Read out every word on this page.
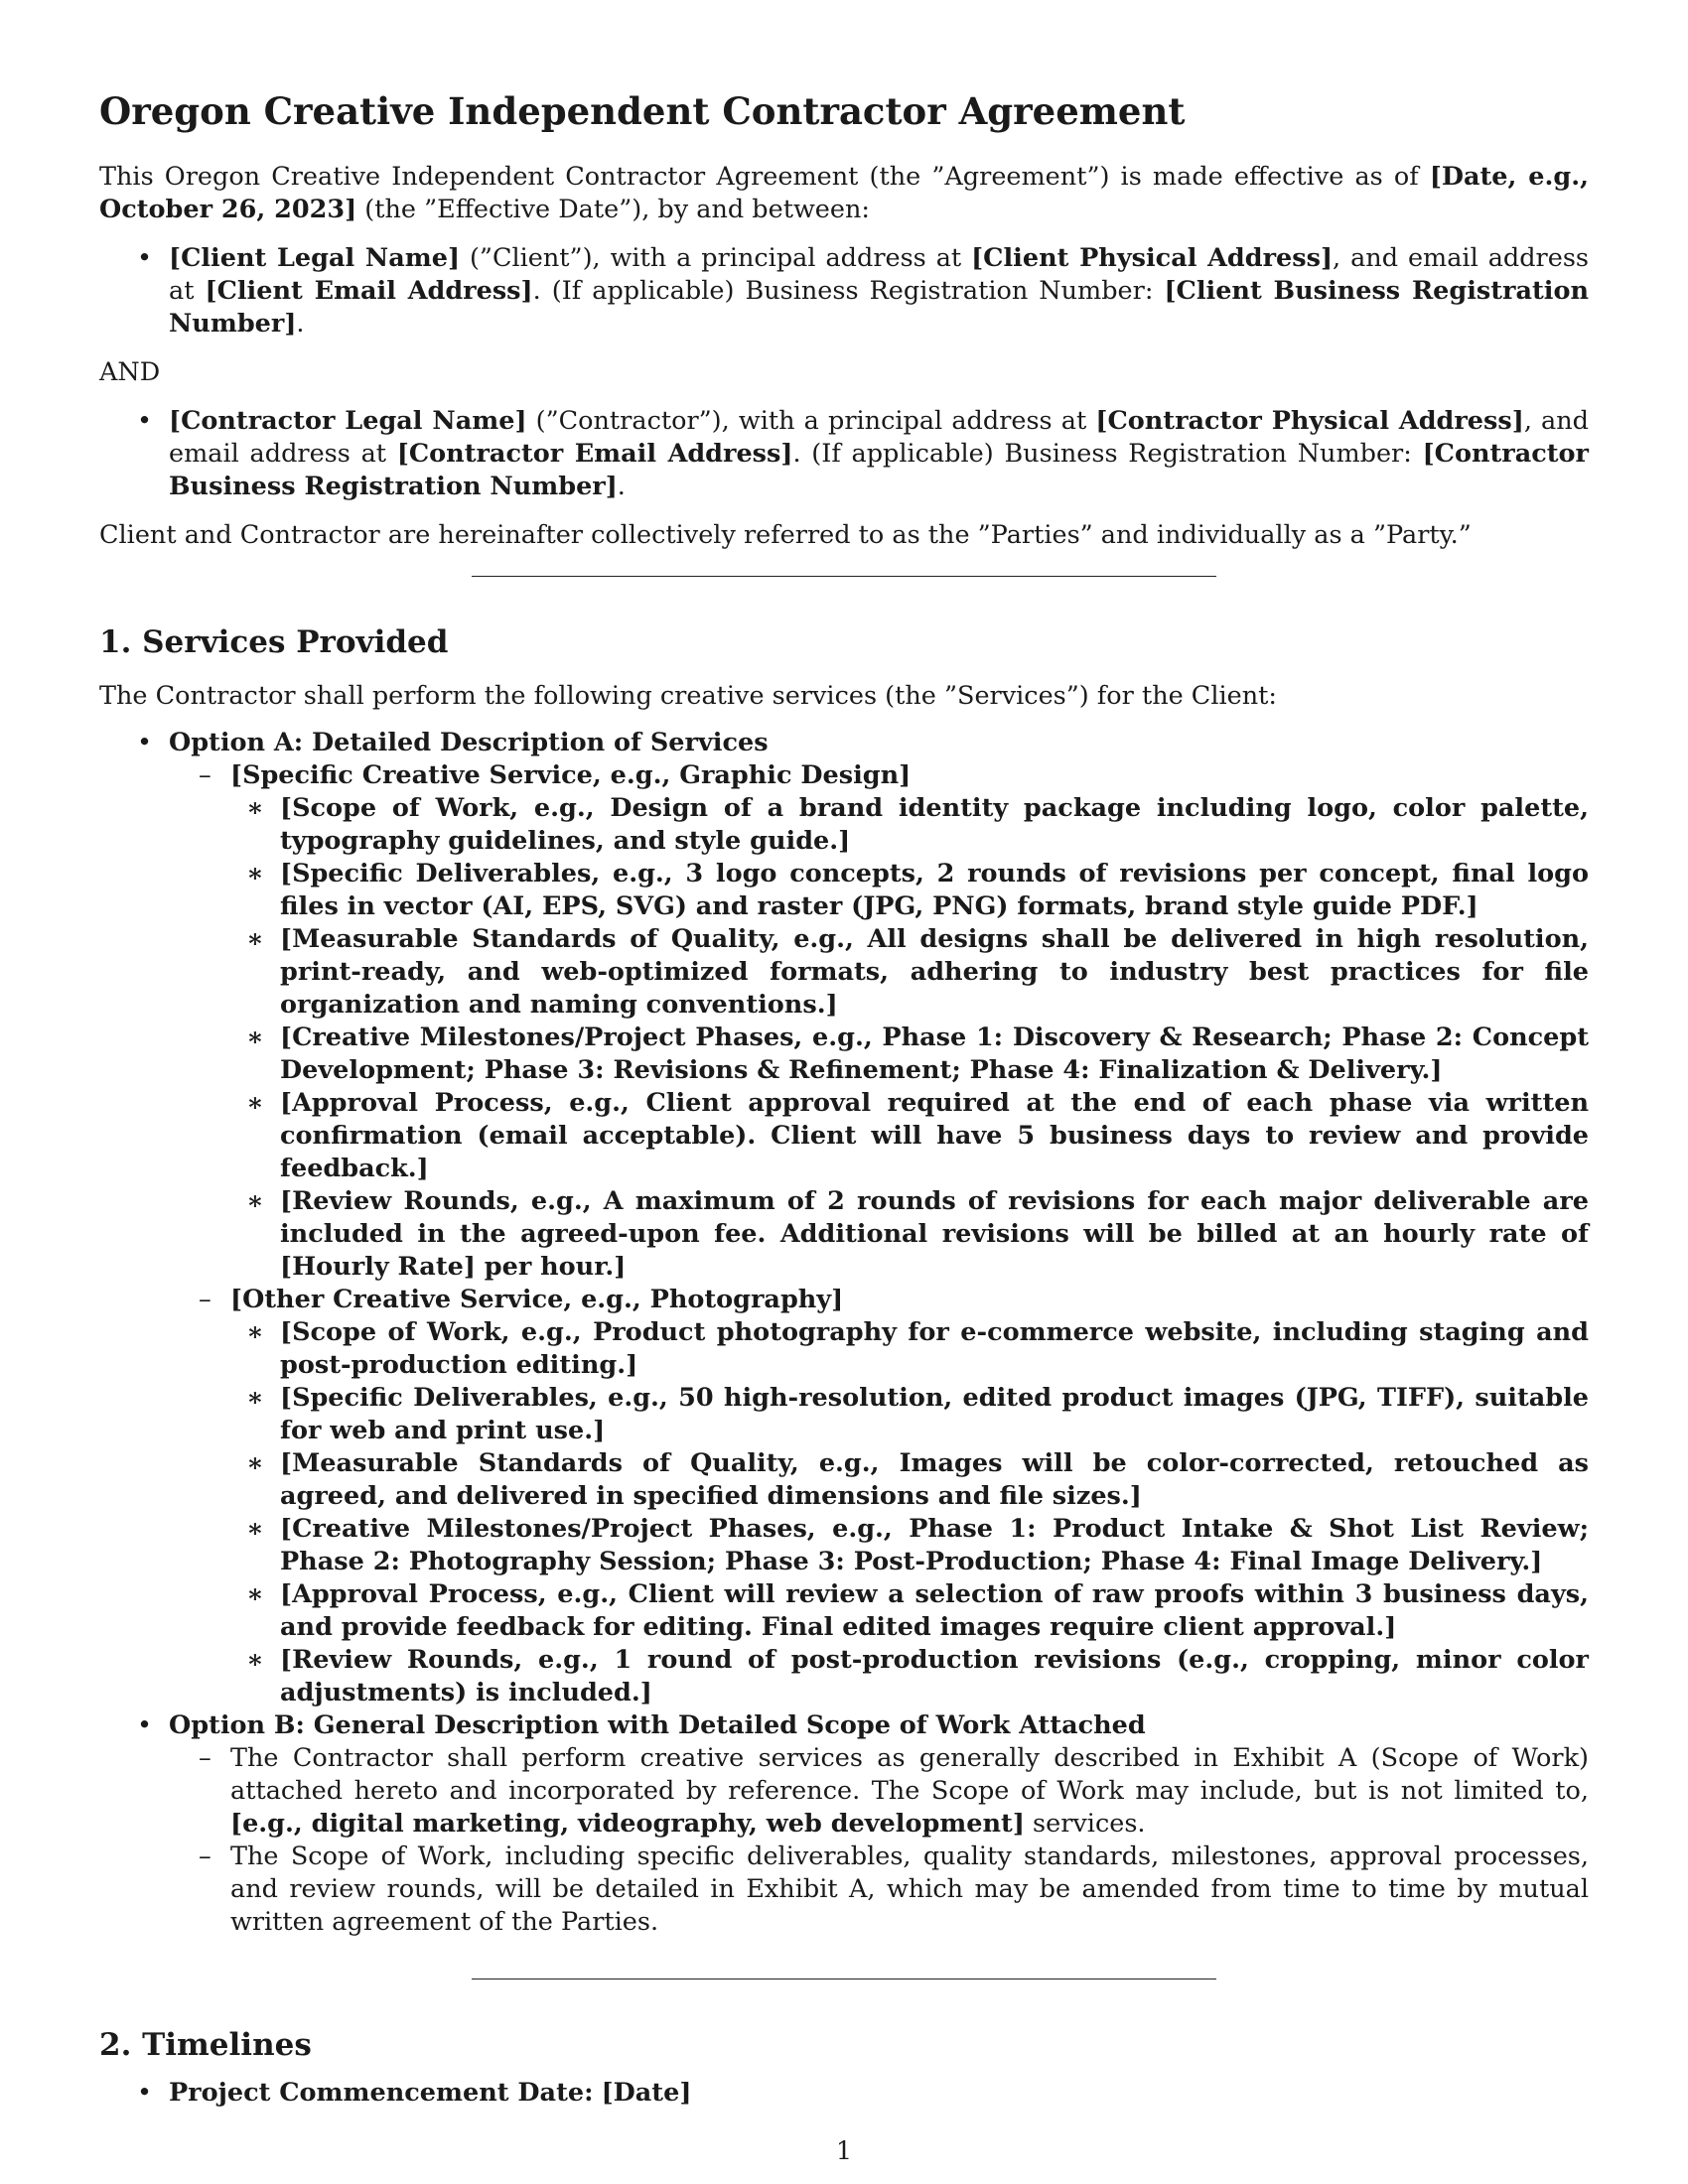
Oregon Creative Independent Contractor Agreement

This Oregon Creative Independent Contractor Agreement (the ”Agreement”) is made effective as of [Date, e.g., October 26, 2023] (the ”Effective Date”), by and between:

• [Client Legal Name] (”Client”), with a principal address at [Client Physical Address], and email address at [Client Email Address]. (If applicable) Business Registration Number: [Client Business Registration Number].

AND

• [Contractor Legal Name] (”Contractor”), with a principal address at [Contractor Physical Address], and email address at [Contractor Email Address]. (If applicable) Business Registration Number: [Contractor Business Registration Number].

Client and Contractor are hereinafter collectively referred to as the ”Parties” and individually as a ”Party.”

1. Services Provided

The Contractor shall perform the following creative services (the ”Services”) for the Client:

• Option A: Detailed Description of Services
– [Specific Creative Service, e.g., Graphic Design]
∗ [Scope of Work, e.g., Design of a brand identity package including logo, color palette, typography guidelines, and style guide.]
∗ [Specific Deliverables, e.g., 3 logo concepts, 2 rounds of revisions per concept, final logo files in vector (AI, EPS, SVG) and raster (JPG, PNG) formats, brand style guide PDF.]
∗ [Measurable Standards of Quality, e.g., All designs shall be delivered in high resolution, print-ready, and web-optimized formats, adhering to industry best practices for file organization and naming conventions.]
∗ [Creative Milestones/Project Phases, e.g., Phase 1: Discovery & Research; Phase 2: Concept Development; Phase 3: Revisions & Refinement; Phase 4: Finalization & Delivery.]
∗ [Approval Process, e.g., Client approval required at the end of each phase via written confirmation (email acceptable). Client will have 5 business days to review and provide feedback.]
∗ [Review Rounds, e.g., A maximum of 2 rounds of revisions for each major deliverable are included in the agreed-upon fee. Additional revisions will be billed at an hourly rate of [Hourly Rate] per hour.]
– [Other Creative Service, e.g., Photography]
∗ [Scope of Work, e.g., Product photography for e-commerce website, including staging and post-production editing.]
∗ [Specific Deliverables, e.g., 50 high-resolution, edited product images (JPG, TIFF), suitable for web and print use.]
∗ [Measurable Standards of Quality, e.g., Images will be color-corrected, retouched as agreed, and delivered in specified dimensions and file sizes.]
∗ [Creative Milestones/Project Phases, e.g., Phase 1: Product Intake & Shot List Review; Phase 2: Photography Session; Phase 3: Post-Production; Phase 4: Final Image Delivery.]
∗ [Approval Process, e.g., Client will review a selection of raw proofs within 3 business days, and provide feedback for editing. Final edited images require client approval.]
∗ [Review Rounds, e.g., 1 round of post-production revisions (e.g., cropping, minor color adjustments) is included.]
• Option B: General Description with Detailed Scope of Work Attached
– The Contractor shall perform creative services as generally described in Exhibit A (Scope of Work) attached hereto and incorporated by reference. The Scope of Work may include, but is not limited to, [e.g., digital marketing, videography, web development] services.
– The Scope of Work, including specific deliverables, quality standards, milestones, approval processes, and review rounds, will be detailed in Exhibit A, which may be amended from time to time by mutual written agreement of the Parties.
2. Timelines
• Project Commencement Date: [Date]
1
